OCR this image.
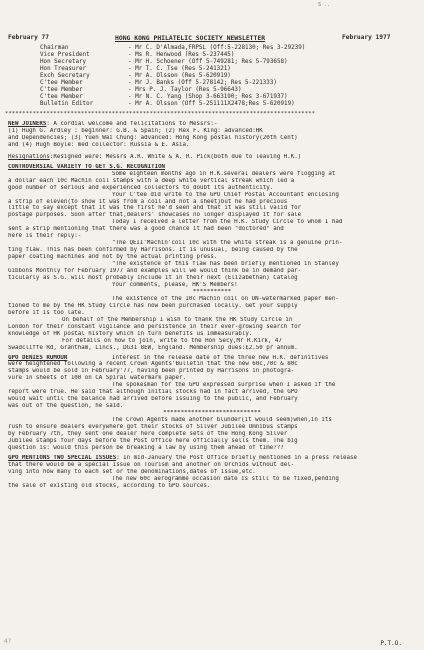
S ..
February 77	HONG KONG PHILATELIC SOCIETY NEWSLETTER	February 1977
Chairman	- Mr C. D'Almada,FRPSL (Off:5-228130; Res 3-29239)
Vice President	- Ms R. Henwood (Res 5-237445)
Hon Secretary	- Mr H. Schoener (Off 5-749281; Res 5-793658)
Hon Treasurer	- Mr T. C. Tse (Res 5-241321)
Exch Secretary	- Mr A. Olsson (Res 5-620919)
C'tee Member	- Mr J. Banks (Off 5-278142; Res 5-221333)
C'tee Member	- Mrs P. J. Taylor (Res 5-96643)
C'tee Member	- Mr N. C. Yang (Shop 3-663190; Res 3-671937)
Bulletin Editor	- Mr A. Olsson (Off 5-251111X2478;Res 5-620919)
******************************************************************************************

NEW JOINERS: A cordial welcome and felicitations to Messrs:-

(1) Hugh G. Ardley : beginner: G.B. & Spain; (2) Rex F. King: advanced:HK

and Dependencies; (3) Yuen Wai Chung: advanced: Hong Kong postal history(20th Cent)

and (4) Hugh Boyle: med collector: Russia & E. Asia.

Resignations:Resigned were: Messrs A.R. White & A. R. Pick(both due to leaving H.K.)

CONTROVERSIAL VARIETY TO GET S.G. RECOGNITION

Some eighteen months ago in H.K.several dealers were flogging at

a dollar each 10c Machin coil stamps with a deep white vertical streak which led a

good number of serious and experienced collectors to doubt its authenticity.

Your C'tee did write to the GPO Chief Postal Accountant enclosing

a strip of eleven(to show it was from a coil and not a sheet)but he had precious

little to say except that it was the first he'd seen and that it was still valid for

postage purposes. Soon after that,dealers' showcases no longer displayed it for sale

Today I received a letter from the H.K. Study Circle to whom I had

sent a strip mentioning that there was a good chance it had been "doctored" and

here is their reply:-

"The QEII'Machin'coil 10c with the white streak is a genuine prin-

ting flaw. This has been confirmed by Harrisons. It is unusual, being caused by the

paper coating machines and not by the actual printing press.

"The existence of this flaw has been briefly mentioned in Stanley

Gibbons Monthly for February 1977 and examples will we would think be in demand par-

ticularly as S.G. will most probably include it in their next (Elizabethan) Catalog

Your comments, please, HK'S Members!

***********

The existence of the 10c Machin coil on UN-watermarked paper men-

tioned to me by the HK Study Circle has now been purchased locally. Get your supply

before it is too late.

On behalf of the Membership I wish to thank the HK Study Circle in

London for their constant vigilance and persistence in their ever-growing search for

knowledge of HK postal history which in turn benefits us immeasurably.

For details on how to join, write to the Hon Secy,Mr R.Kirk, 47

Swadcliffe Rd, Grantham, Lincs., DG31 8EW, England. Membership dues:£2.50 pr annum.

GPO DENIES RUMOUR	Interest in the release date of the three new H.K. definitives

were heightened following a recent Crown Agents'Bulletin that the new 60c,70c & 80c

stamps would be sold in February'77, having been printed by Harrisons in photogra-

vure in sheets of 100 on CA Spiral watermark paper.

The spokesman for the GPO expressed surprise when I asked if the

report were true. He said that although initial stocks had in fact arrived, the GPO

would wait until the balance had arrived before issuing to the public, and February

was out of the question, he said.

****************************

The Crown Agents made another blunder(it would seem)when,in its

rush to ensure dealers everywhere got their stocks of Silver Jubilee Omnibus stamps

by February 7th, they sent one dealer here complete sets of the Hong Kong Silver

Jubilee stamps four days before the Post Office here officially sells them. The big

question is: would this person be breaking a law by using them ahead of time???

GPO MENTIONS TWO SPECIAL ISSUES: In mid-January the Post Office briefly mentioned in a press release

that there would be a special issue on Tourism and another on Orchids without del-

ving into how many to each set or the denominations,dates of issue,etc.

The new 60c aerogramme occasion date is still to be fixed,pending

the sale of existing old stocks, according to GPO sources.

4?	P.T.O.
